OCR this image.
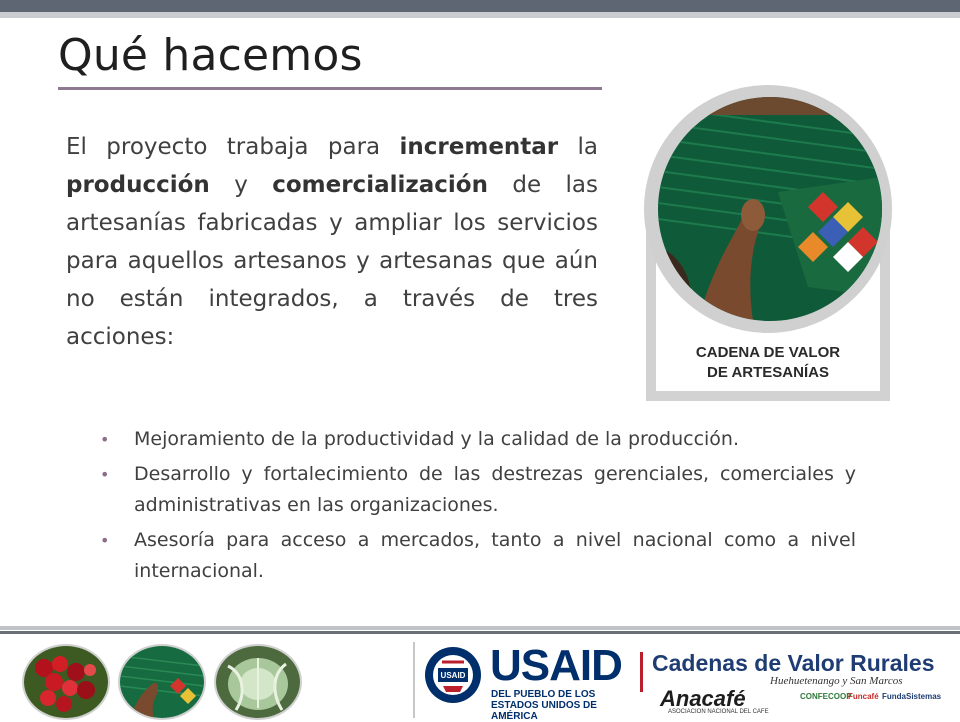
Qué hacemos

El proyecto trabaja para incrementar la producción y comercialización de las artesanías fabricadas y ampliar los servicios para aquellos artesanos y artesanas que aún no están integrados, a través de tres acciones:

CADENA DE VALOR
DE ARTESANÍAS
• Mejoramiento de la productividad y la calidad de la producción.
• Desarrollo y fortalecimiento de las destrezas gerenciales, comerciales y administrativas en las organizaciones.
• Asesoría para acceso a mercados, tanto a nivel nacional como a nivel internacional.
USAID USAID
DEL PUEBLO DE LOS ESTADOS UNIDOS DE AMÉRICA
Cadenas de Valor Rurales
Huehuetenango y San Marcos
Anacafé
ASOCIACION NACIONAL DEL CAFE
CONFECOOP
Funcafé FundaSistemas
